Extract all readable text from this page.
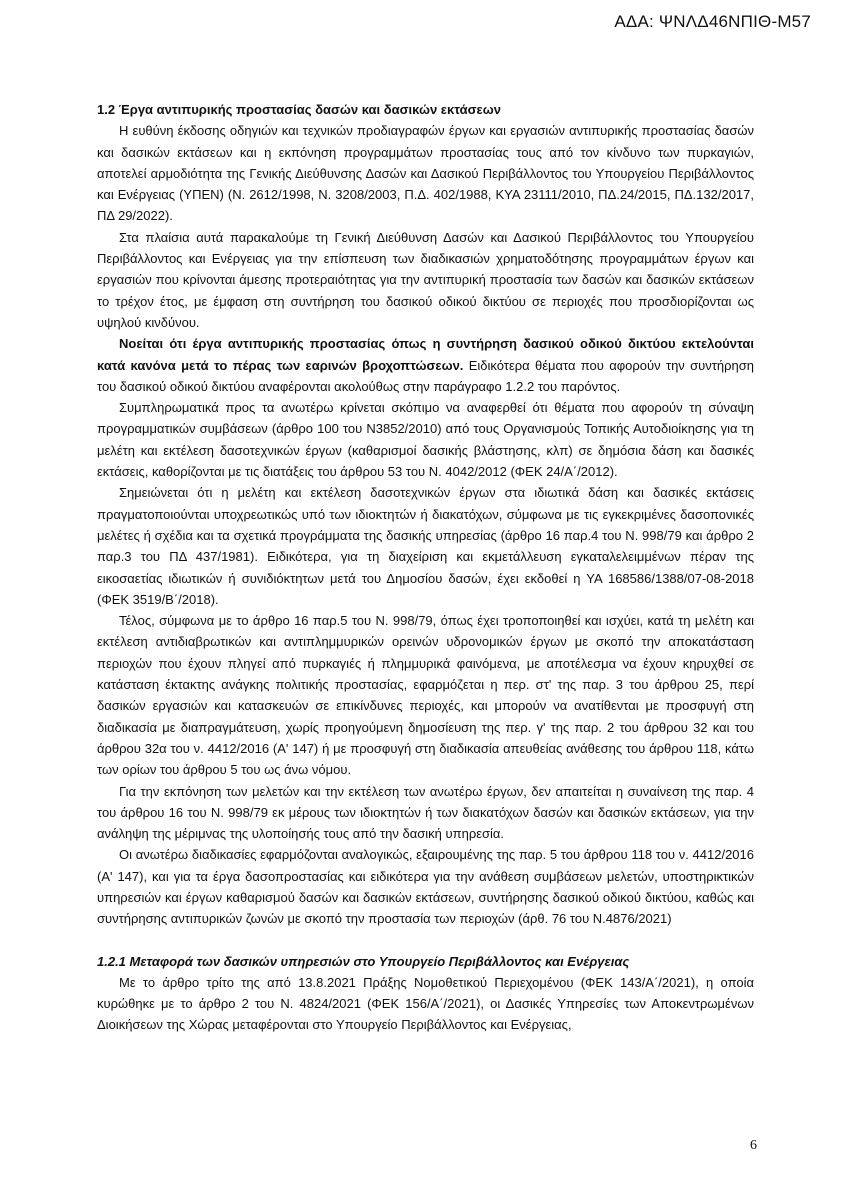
ΑΔΑ: ΨΝΛΔ46ΝΠΙΘ-Μ57

1.2 Έργα αντιπυρικής προστασίας δασών και δασικών εκτάσεων

Η ευθύνη έκδοσης οδηγιών και τεχνικών προδιαγραφών έργων και εργασιών αντιπυρικής προστασίας δασών και δασικών εκτάσεων και η εκπόνηση προγραμμάτων προστασίας τους από τον κίνδυνο των πυρκαγιών, αποτελεί αρμοδιότητα της Γενικής Διεύθυνσης Δασών και Δασικού Περιβάλλοντος του Υπουργείου Περιβάλλοντος και Ενέργειας (ΥΠΕΝ) (Ν. 2612/1998, Ν. 3208/2003, Π.Δ. 402/1988, ΚΥΑ 23111/2010, ΠΔ.24/2015, ΠΔ.132/2017, ΠΔ 29/2022).

Στα πλαίσια αυτά παρακαλούμε τη Γενική Διεύθυνση Δασών και Δασικού Περιβάλλοντος του Υπουργείου Περιβάλλοντος και Ενέργειας για την επίσπευση των διαδικασιών χρηματοδότησης προγραμμάτων έργων και εργασιών που κρίνονται άμεσης προτεραιότητας για την αντιπυρική προστασία των δασών και δασικών εκτάσεων το τρέχον έτος, με έμφαση στη συντήρηση του δασικού οδικού δικτύου σε περιοχές που προσδιορίζονται ως υψηλού κινδύνου.

Νοείται ότι έργα αντιπυρικής προστασίας όπως η συντήρηση δασικού οδικού δικτύου εκτελούνται κατά κανόνα μετά το πέρας των εαρινών βροχοπτώσεων. Ειδικότερα θέματα που αφορούν την συντήρηση του δασικού οδικού δικτύου αναφέρονται ακολούθως στην παράγραφο 1.2.2 του παρόντος.

Συμπληρωματικά προς τα ανωτέρω κρίνεται σκόπιμο να αναφερθεί ότι θέματα που αφορούν τη σύναψη προγραμματικών συμβάσεων (άρθρο 100 του Ν3852/2010) από τους Οργανισμούς Τοπικής Αυτοδιοίκησης για τη μελέτη και εκτέλεση δασοτεχνικών έργων (καθαρισμοί δασικής βλάστησης, κλπ) σε δημόσια δάση και δασικές εκτάσεις, καθορίζονται με τις διατάξεις του άρθρου 53 του Ν. 4042/2012 (ΦΕΚ 24/Α΄/2012).

Σημειώνεται ότι η μελέτη και εκτέλεση δασοτεχνικών έργων στα ιδιωτικά δάση και δασικές εκτάσεις πραγματοποιούνται υποχρεωτικώς υπό των ιδιοκτητών ή διακατόχων, σύμφωνα με τις εγκεκριμένες δασοπονικές μελέτες ή σχέδια και τα σχετικά προγράμματα της δασικής υπηρεσίας (άρθρο 16 παρ.4 του Ν. 998/79 και άρθρο 2 παρ.3 του ΠΔ 437/1981). Ειδικότερα, για τη διαχείριση και εκμετάλλευση εγκαταλελειμμένων πέραν της εικοσαετίας ιδιωτικών ή συνιδιόκτητων μετά του Δημοσίου δασών, έχει εκδοθεί η ΥΑ 168586/1388/07-08-2018 (ΦΕΚ 3519/Β΄/2018).

Τέλος, σύμφωνα με το άρθρο 16 παρ.5 του Ν. 998/79, όπως έχει τροποποιηθεί και ισχύει, κατά τη μελέτη και εκτέλεση αντιδιαβρωτικών και αντιπλημμυρικών ορεινών υδρονομικών έργων με σκοπό την αποκατάσταση περιοχών που έχουν πληγεί από πυρκαγιές ή πλημμυρικά φαινόμενα, με αποτέλεσμα να έχουν κηρυχθεί σε κατάσταση έκτακτης ανάγκης πολιτικής προστασίας, εφαρμόζεται η περ. στ' της παρ. 3 του άρθρου 25, περί δασικών εργασιών και κατασκευών σε επικίνδυνες περιοχές, και μπορούν να ανατίθενται με προσφυγή στη διαδικασία με διαπραγμάτευση, χωρίς προηγούμενη δημοσίευση της περ. γ' της παρ. 2 του άρθρου 32 και του άρθρου 32α του ν. 4412/2016 (Α' 147) ή με προσφυγή στη διαδικασία απευθείας ανάθεσης του άρθρου 118, κάτω των ορίων του άρθρου 5 του ως άνω νόμου.

Για την εκπόνηση των μελετών και την εκτέλεση των ανωτέρω έργων, δεν απαιτείται η συναίνεση της παρ. 4 του άρθρου 16 του Ν. 998/79 εκ μέρους των ιδιοκτητών ή των διακατόχων δασών και δασικών εκτάσεων, για την ανάληψη της μέριμνας της υλοποίησής τους από την δασική υπηρεσία.

Οι ανωτέρω διαδικασίες εφαρμόζονται αναλογικώς, εξαιρουμένης της παρ. 5 του άρθρου 118 του ν. 4412/2016 (Α' 147), και για τα έργα δασοπροστασίας και ειδικότερα για την ανάθεση συμβάσεων μελετών, υποστηρικτικών υπηρεσιών και έργων καθαρισμού δασών και δασικών εκτάσεων, συντήρησης δασικού οδικού δικτύου, καθώς και συντήρησης αντιπυρικών ζωνών με σκοπό την προστασία των περιοχών (άρθ. 76 του Ν.4876/2021)

1.2.1 Μεταφορά των δασικών υπηρεσιών στο Υπουργείο Περιβάλλοντος και Ενέργειας

Με το άρθρο τρίτο της από 13.8.2021 Πράξης Νομοθετικού Περιεχομένου (ΦΕΚ 143/Α΄/2021), η οποία κυρώθηκε με το άρθρο 2 του Ν. 4824/2021 (ΦΕΚ 156/Α΄/2021), οι Δασικές Υπηρεσίες των Αποκεντρωμένων Διοικήσεων της Χώρας μεταφέρονται στο Υπουργείο Περιβάλλοντος και Ενέργειας,

6
